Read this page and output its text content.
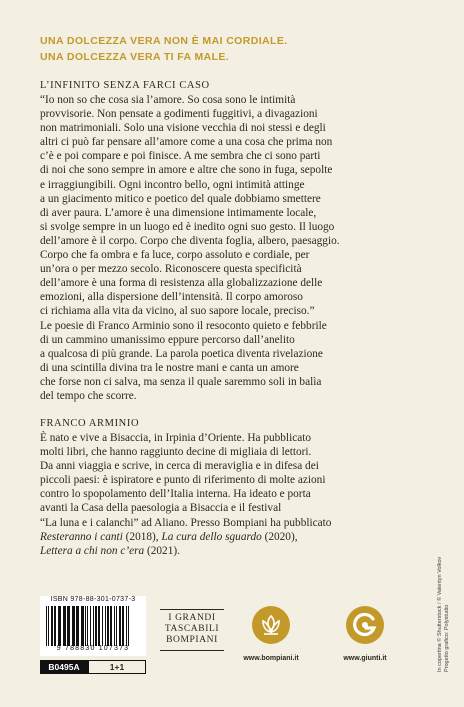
UNA DOLCEZZA VERA NON È MAI CORDIALE.
UNA DOLCEZZA VERA TI FA MALE.
L’INFINITO SENZA FARCI CASO

“Io non so che cosa sia l’amore. So cosa sono le intimità

provvisorie. Non pensate a godimenti fuggitivi, a divagazioni

non matrimoniali. Solo una visione vecchia di noi stessi e degli

altri ci può far pensare all’amore come a una cosa che prima non

c’è e poi compare e poi finisce. A me sembra che ci sono parti

di noi che sono sempre in amore e altre che sono in fuga, sepolte

e irraggiungibili. Ogni incontro bello, ogni intimità attinge

a un giacimento mitico e poetico del quale dobbiamo smettere

di aver paura. L’amore è una dimensione intimamente locale,

si svolge sempre in un luogo ed è inedito ogni suo gesto. Il luogo

dell’amore è il corpo. Corpo che diventa foglia, albero, paesaggio.

Corpo che fa ombra e fa luce, corpo assoluto e cordiale, per

un’ora o per mezzo secolo. Riconoscere questa specificità

dell’amore è una forma di resistenza alla globalizzazione delle

emozioni, alla dispersione dell’intensità. Il corpo amoroso

ci richiama alla vita da vicino, al suo sapore locale, preciso.”

Le poesie di Franco Arminio sono il resoconto quieto e febbrile

di un cammino umanissimo eppure percorso dall’anelito

a qualcosa di più grande. La parola poetica diventa rivelazione

di una scintilla divina tra le nostre mani e canta un amore

che forse non ci salva, ma senza il quale saremmo soli in balìa

del tempo che scorre.

FRANCO ARMINIO

È nato e vive a Bisaccia, in Irpinia d’Oriente. Ha pubblicato

molti libri, che hanno raggiunto decine di migliaia di lettori.

Da anni viaggia e scrive, in cerca di meraviglia e in difesa dei

piccoli paesi: è ispiratore e punto di riferimento di molte azioni

contro lo spopolamento dell’Italia interna. Ha ideato e porta

avanti la Casa della paesologia a Bisaccia e il festival

“La luna e i calanchi” ad Aliano. Presso Bompiani ha pubblicato

Resteranno i canti (2018), La cura dello sguardo (2020),

Lettera a chi non c’era (2021).

In copertina © Shutterstock / © Valentyn Volkov Progetto grafico: Polystudio
ISBN 978-88-301-0737-3
9 788830 107373
B0495A	1+1
I GRANDI
TASCABILI
BOMPIANI
www.bompiani.it	www.giunti.it
